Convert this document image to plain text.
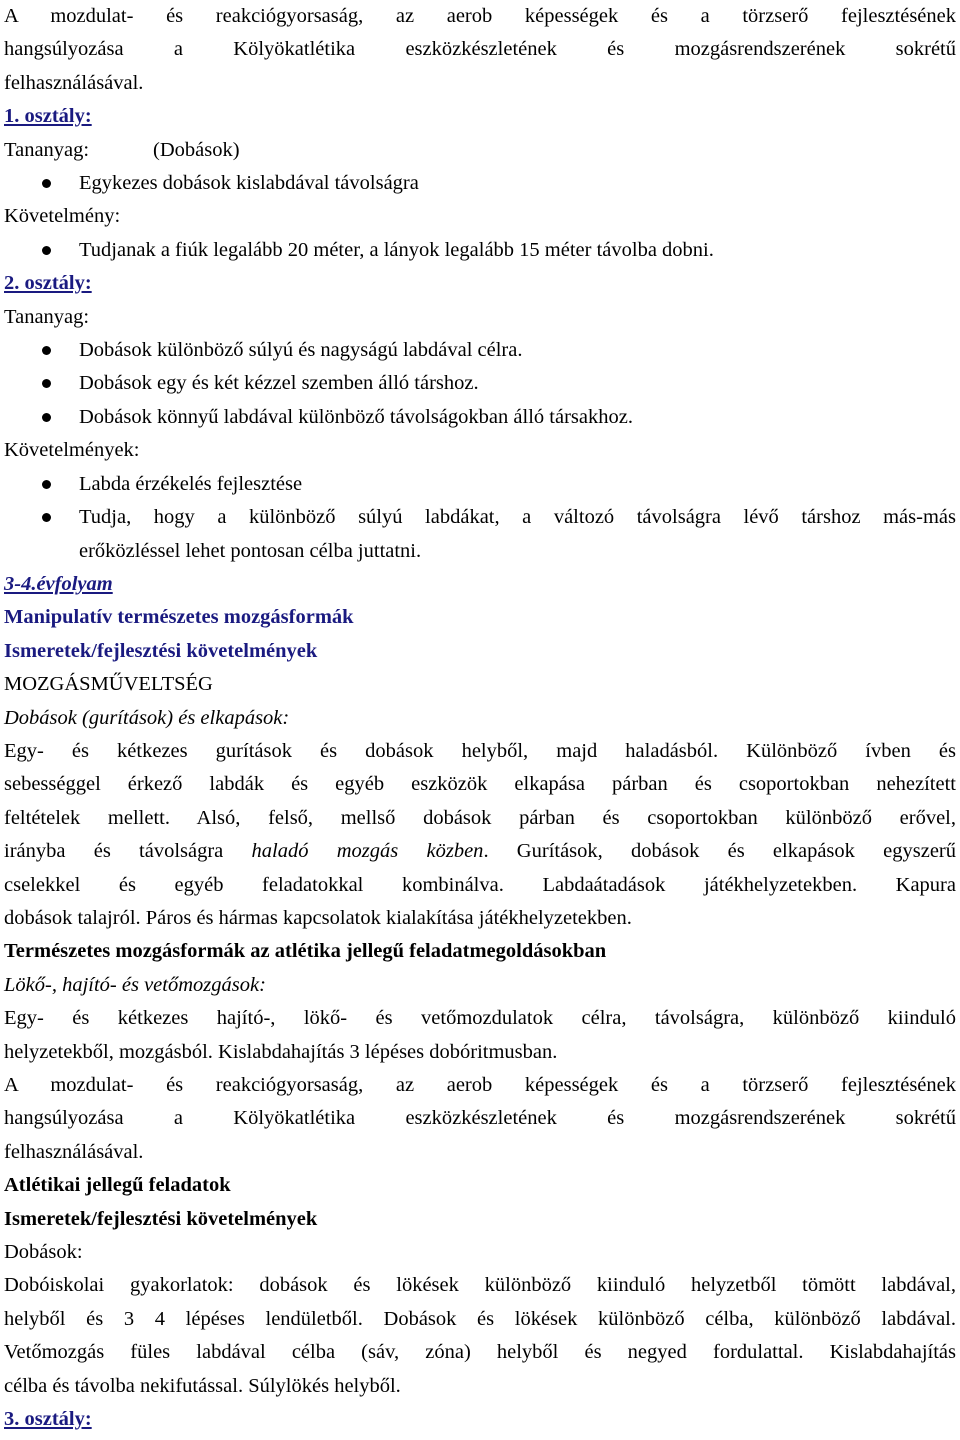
A mozdulat- és reakciógyorsaság, az aerob képességek és a törzserő fejlesztésének
hangsúlyozása a Kölyökatlétika eszközkészletének és mozgásrendszerének sokrétű
felhasználásával.
1. osztály:
Tananyag:	(Dobások)
Egykezes dobások kislabdával távolságra
Követelmény:
Tudjanak a fiúk legalább 20 méter, a lányok legalább 15 méter távolba dobni.
2. osztály:
Tananyag:
Dobások különböző súlyú és nagyságú labdával célra.
Dobások egy és két kézzel szemben álló társhoz.
Dobások könnyű labdával különböző távolságokban álló társakhoz.
Követelmények:
Labda érzékelés fejlesztése
Tudja, hogy a különböző súlyú labdákat, a változó távolságra lévő társhoz más-más
erőközléssel lehet pontosan célba juttatni.
3-4.évfolyam
Manipulatív természetes mozgásformák
Ismeretek/fejlesztési követelmények
MOZGÁSMŰVELTSÉG
Dobások (gurítások) és elkapások:
Egy- és kétkezes gurítások és dobások helyből, majd haladásból. Különböző ívben és
sebességgel érkező labdák és egyéb eszközök elkapása párban és csoportokban nehezített
feltételek mellett. Alsó, felső, mellső dobások párban és csoportokban különböző erővel,
irányba és távolságra haladó mozgás közben. Gurítások, dobások és elkapások egyszerű
cselekkel és egyéb feladatokkal kombinálva. Labdaátadások játékhelyzetekben. Kapura
dobások talajról. Páros és hármas kapcsolatok kialakítása játékhelyzetekben.
Természetes mozgásformák az atlétika jellegű feladatmegoldásokban
Lökő-, hajító- és vetőmozgások:
Egy- és kétkezes hajító-, lökő- és vetőmozdulatok célra, távolságra, különböző kiinduló
helyzetekből, mozgásból. Kislabdahajítás 3 lépéses dobóritmusban.
A mozdulat- és reakciógyorsaság, az aerob képességek és a törzserő fejlesztésének
hangsúlyozása a Kölyökatlétika eszközkészletének és mozgásrendszerének sokrétű
felhasználásával.
Atlétikai jellegű feladatok
Ismeretek/fejlesztési követelmények
Dobások:
Dobóiskolai gyakorlatok: dobások és lökések különböző kiinduló helyzetből tömött labdával,
helyből és 3 4 lépéses lendületből. Dobások és lökések különböző célba, különböző labdával.
Vetőmozgás füles labdával célba (sáv, zóna) helyből és negyed fordulattal. Kislabdahajítás
célba és távolba nekifutással. Súlylökés helyből.
3. osztály:
